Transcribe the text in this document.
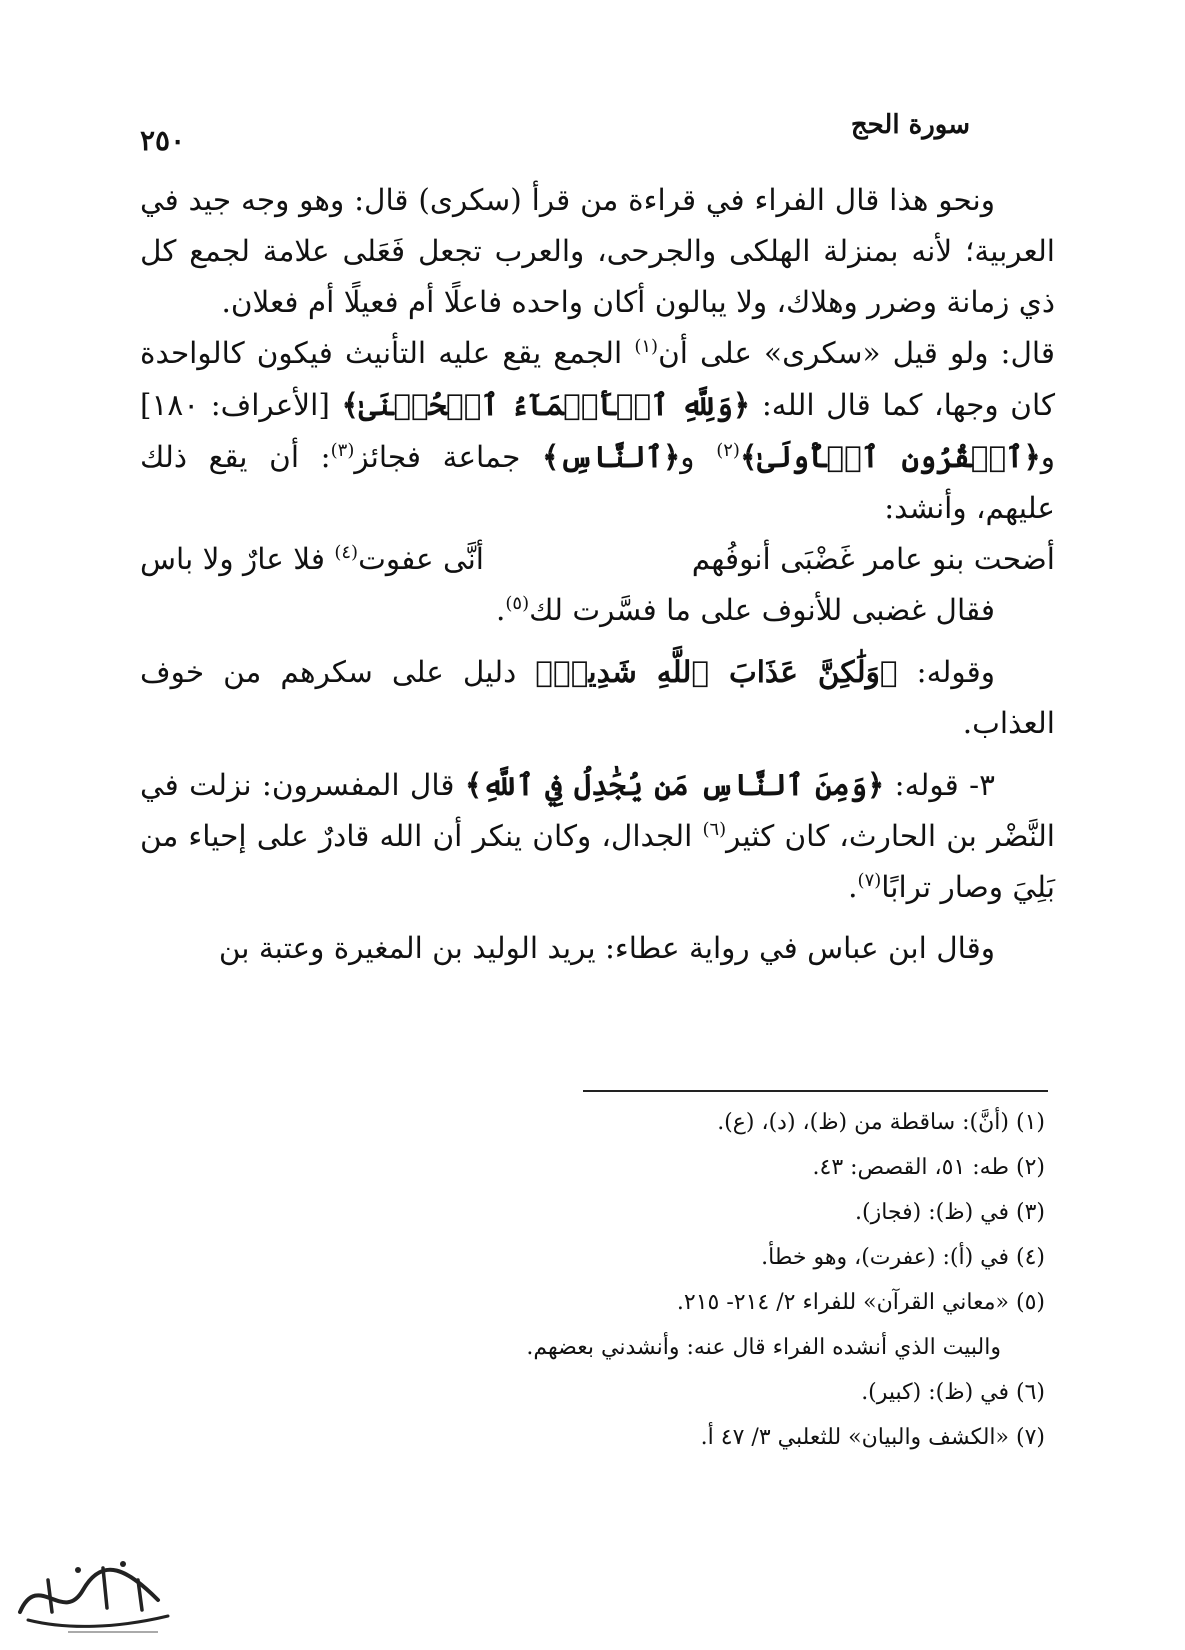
سورة الحج
٢٥٠

ونحو هذا قال الفراء في قراءة من قرأ (سكرى) قال: وهو وجه جيد في العربية؛ لأنه بمنزلة الهلكى والجرحى، والعرب تجعل فَعَلى علامة لجمع كل ذي زمانة وضرر وهلاك، ولا يبالون أكان واحده فاعلًا أم فعيلًا أم فعلان.

قال: ولو قيل «سكرى» على أن$^{(١)}$ الجمع يقع عليه التأنيث فيكون كالواحدة كان وجها، كما قال الله: ﴿وَلِلَّهِ ٱلۡأَسۡمَآءُ ٱلۡحُسۡنَىٰ﴾ [الأعراف: ١٨٠] و﴿ٱلۡقُرُونِ ٱلۡأُولَىٰ﴾$^{(٢)}$ و﴿ٱلنَّاسِ﴾ جماعة فجائز$^{(٣)}$: أن يقع ذلك عليهم، وأنشد:

أضحت بنو عامر غَضْبَى أنوفُهم
أنَّى عفوت$^{(٤)}$ فلا عارٌ ولا باس

فقال غضبى للأنوف على ما فسَّرت لك$^{(٥)}$.

وقوله: ﴿وَلَٰكِنَّ عَذَابَ ٱللَّهِ شَدِيدٞ﴾ دليل على سكرهم من خوف العذاب.

٣- قوله: ﴿وَمِنَ ٱلنَّاسِ مَن يُجَٰدِلُ فِي ٱللَّهِ﴾ قال المفسرون: نزلت في النَّضْر بن الحارث، كان كثير$^{(٦)}$ الجدال، وكان ينكر أن الله قادرٌ على إحياء من بَلِيَ وصار ترابًا$^{(٧)}$.

وقال ابن عباس في رواية عطاء: يريد الوليد بن المغيرة وعتبة بن

(١) (أنَّ): ساقطة من (ظ)، (د)، (ع).

(٢) طه: ٥١، القصص: ٤٣.

(٣) في (ظ): (فجاز).

(٤) في (أ): (عفرت)، وهو خطأ.

(٥) «معاني القرآن» للفراء ٢/ ٢١٤- ٢١٥.

والبيت الذي أنشده الفراء قال عنه: وأنشدني بعضهم.

(٦) في (ظ): (كبير).

(٧) «الكشف والبيان» للثعلبي ٣/ ٤٧ أ.
